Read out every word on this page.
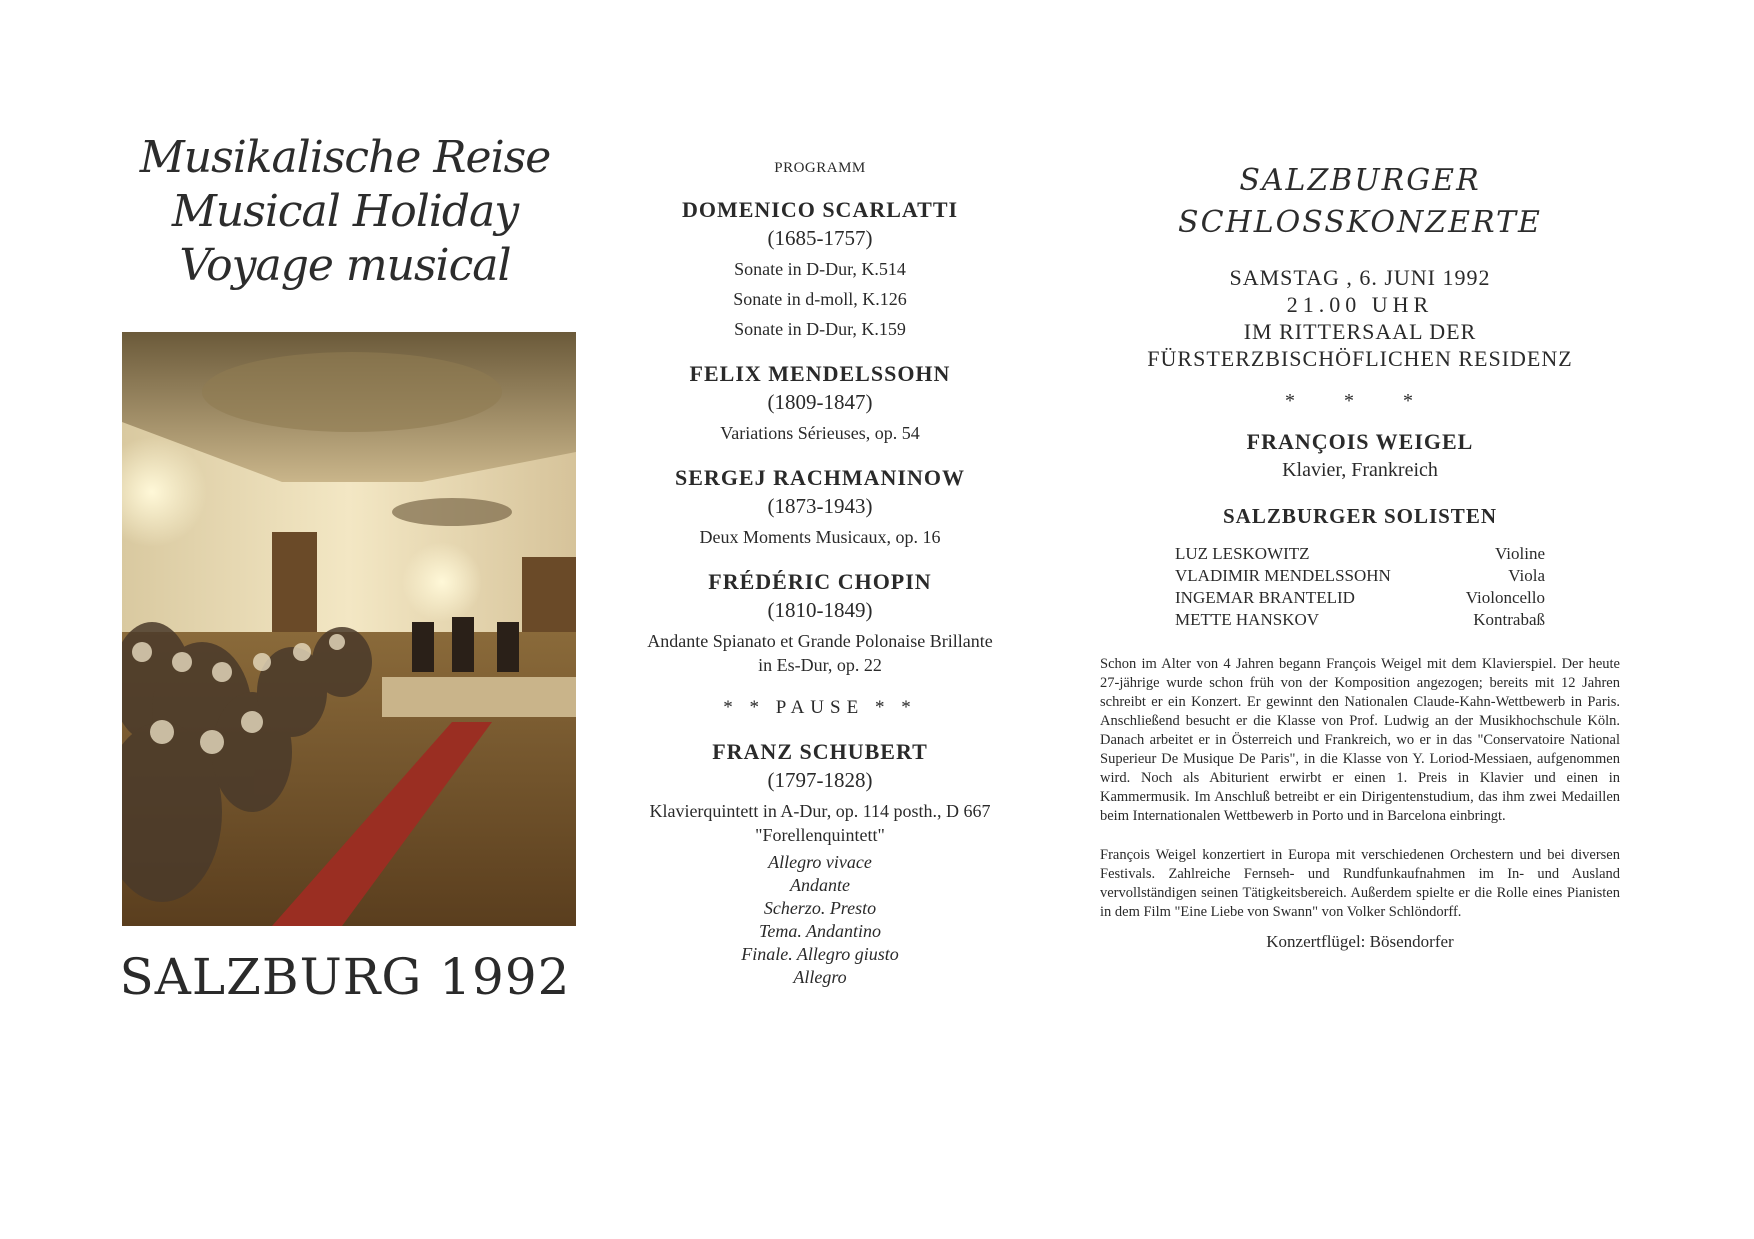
Musikalische Reise
Musical Holiday
Voyage musical
SALZBURG 1992
PROGRAMM

DOMENICO SCARLATTI

(1685-1757)

Sonate in D-Dur, K.514

Sonate in d-moll, K.126

Sonate in D-Dur, K.159

FELIX MENDELSSOHN

(1809-1847)

Variations Sérieuses, op. 54

SERGEJ RACHMANINOW

(1873-1943)

Deux Moments Musicaux, op. 16

FRÉDÉRIC CHOPIN

(1810-1849)

Andante Spianato et Grande Polonaise Brillante

in Es-Dur, op. 22

* * PAUSE * *

FRANZ SCHUBERT

(1797-1828)

Klavierquintett in A-Dur, op. 114 posth., D 667

"Forellenquintett"

Allegro vivace

Andante

Scherzo. Presto

Tema. Andantino

Finale. Allegro giusto

Allegro

SALZBURGER
SCHLOSSKONZERTE
SAMSTAG , 6. JUNI 1992
21.00 UHR
IM RITTERSAAL DER
FÜRSTERZBISCHÖFLICHEN RESIDENZ
* * *
FRANÇOIS WEIGEL
Klavier, Frankreich
SALZBURGER SOLISTEN
LUZ LESKOWITZ	Violine
VLADIMIR MENDELSSOHN	Viola
INGEMAR BRANTELID	Violoncello
METTE HANSKOV	Kontrabaß

Schon im Alter von 4 Jahren begann François Weigel mit dem Klavierspiel. Der heute 27-jährige wurde schon früh von der Komposition angezogen; bereits mit 12 Jahren schreibt er ein Konzert. Er gewinnt den Nationalen Claude-Kahn-Wettbewerb in Paris. Anschließend besucht er die Klasse von Prof. Ludwig an der Musikhochschule Köln. Danach arbeitet er in Österreich und Frankreich, wo er in das "Conservatoire National Superieur De Musique De Paris", in die Klasse von Y. Loriod-Messiaen, aufgenommen wird. Noch als Abiturient erwirbt er einen 1. Preis in Klavier und einen in Kammermusik. Im Anschluß betreibt er ein Dirigentenstudium, das ihm zwei Medaillen beim Internationalen Wettbewerb in Porto und in Barcelona einbringt.

François Weigel konzertiert in Europa mit verschiedenen Orchestern und bei diversen Festivals. Zahlreiche Fernseh- und Rundfunkaufnahmen im In- und Ausland vervollständigen seinen Tätigkeitsbereich. Außerdem spielte er die Rolle eines Pianisten in dem Film "Eine Liebe von Swann" von Volker Schlöndorff.

Konzertflügel: Bösendorfer
